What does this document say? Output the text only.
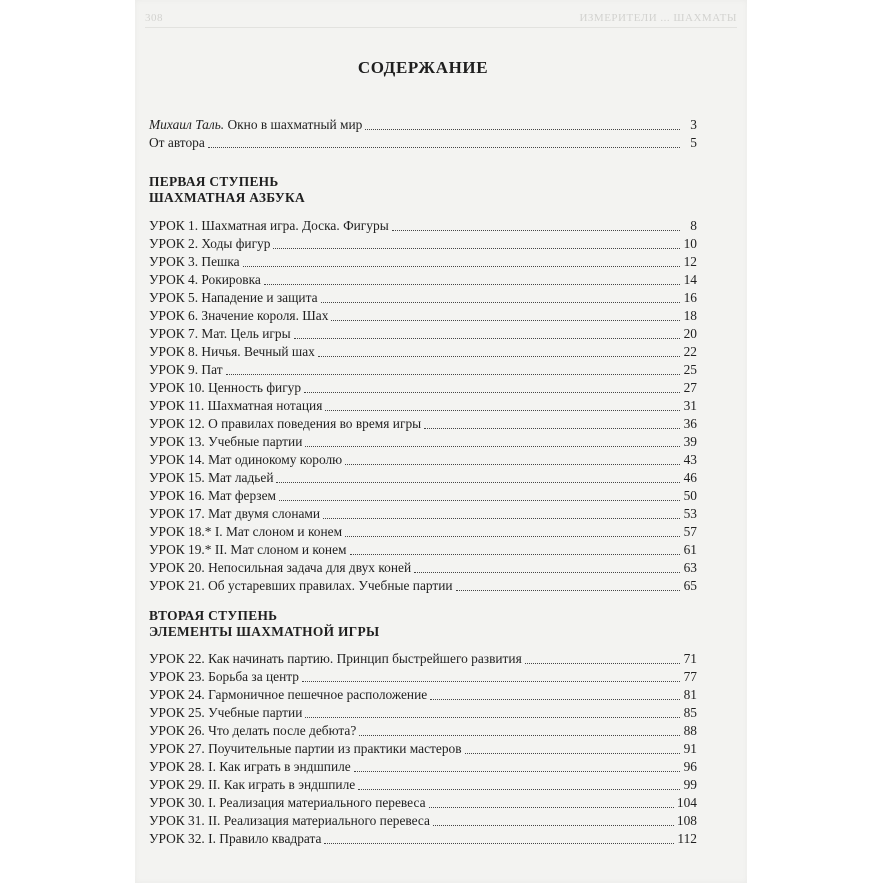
308	ИЗМЕРИТЕЛИ ... ШАХМАТЫ
СОДЕРЖАНИЕ
Михаил Таль. Окно в шахматный мир	3
От автора	5
ПЕРВАЯ СТУПЕНЬ
ШАХМАТНАЯ АЗБУКА
УРОК 1. Шахматная игра. Доска. Фигуры	8
УРОК 2. Ходы фигур	10
УРОК 3. Пешка	12
УРОК 4. Рокировка	14
УРОК 5. Нападение и защита	16
УРОК 6. Значение короля. Шах	18
УРОК 7. Мат. Цель игры	20
УРОК 8. Ничья. Вечный шах	22
УРОК 9. Пат	25
УРОК 10. Ценность фигур	27
УРОК 11. Шахматная нотация	31
УРОК 12. О правилах поведения во время игры	36
УРОК 13. Учебные партии	39
УРОК 14. Мат одинокому королю	43
УРОК 15. Мат ладьей	46
УРОК 16. Мат ферзем	50
УРОК 17. Мат двумя слонами	53
УРОК 18.* I. Мат слоном и конем	57
УРОК 19.* II. Мат слоном и конем	61
УРОК 20. Непосильная задача для двух коней	63
УРОК 21. Об устаревших правилах. Учебные партии	65
ВТОРАЯ СТУПЕНЬ
ЭЛЕМЕНТЫ ШАХМАТНОЙ ИГРЫ
УРОК 22. Как начинать партию. Принцип быстрейшего развития	71
УРОК 23. Борьба за центр	77
УРОК 24. Гармоничное пешечное расположение	81
УРОК 25. Учебные партии	85
УРОК 26. Что делать после дебюта?	88
УРОК 27. Поучительные партии из практики мастеров	91
УРОК 28. I. Как играть в эндшпиле	96
УРОК 29. II. Как играть в эндшпиле	99
УРОК 30. I. Реализация материального перевеса	104
УРОК 31. II. Реализация материального перевеса	108
УРОК 32. I. Правило квадрата	112
